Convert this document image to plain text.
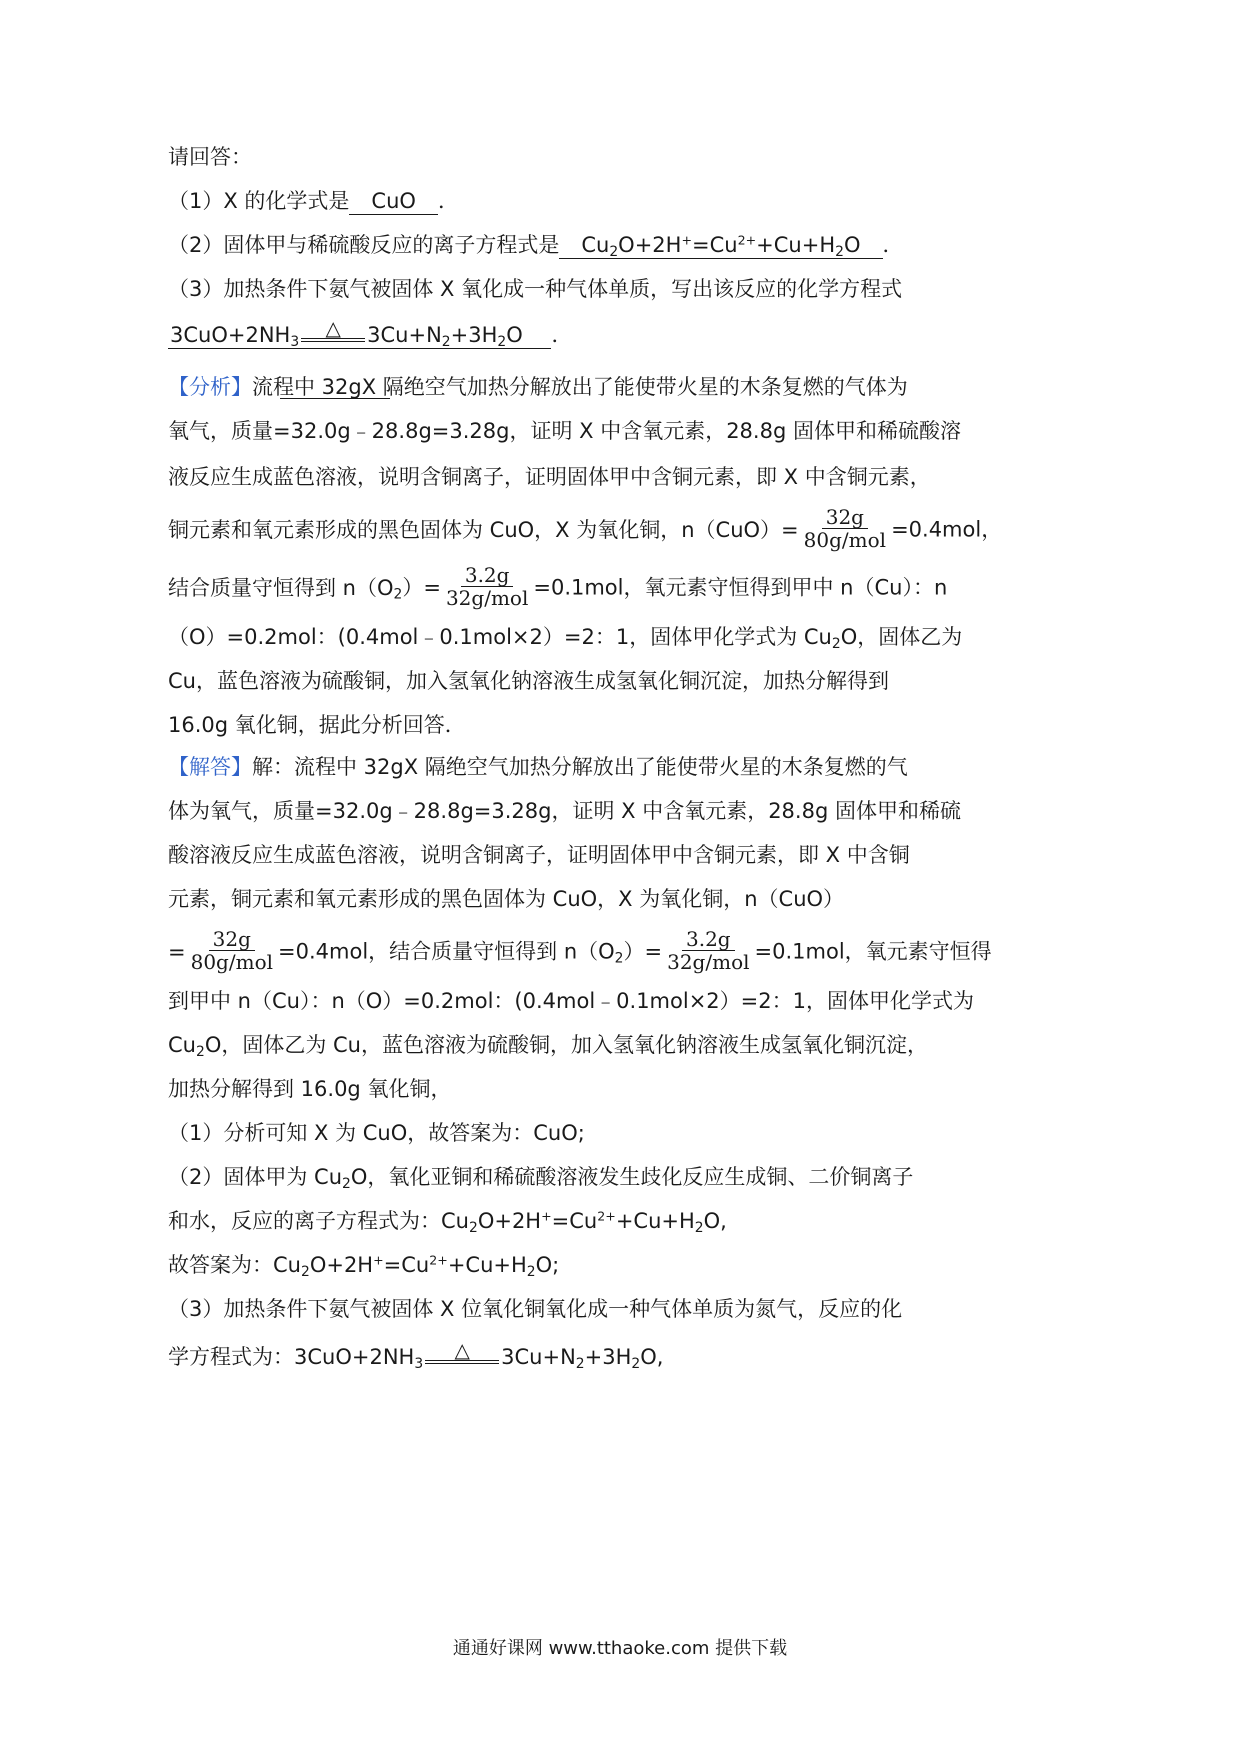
请回答：
（1）X 的化学式是 CuO ．
（2）固体甲与稀硫酸反应的离子方程式是 $Cu_2O+2H^+=Cu^{2+}+Cu+H_2O$ ．
（3）加热条件下氨气被固体 X 氧化成一种气体单质，写出该反应的化学方程式
$3CuO+2NH_3$
△ $3Cu+N_2+3H_2O$    ．
【分析】流程中 32gX 隔绝空气加热分解放出了能使带火星的木条复燃的气体为
氧气，质量=32.0g﹣28.8g=3.28g，证明 X 中含氧元素，28.8g 固体甲和稀硫酸溶
液反应生成蓝色溶液，说明含铜离子，证明固体甲中含铜元素，即 X 中含铜元素，
铜元素和氧元素形成的黑色固体为 CuO，X 为氧化铜，$n(CuO)= \frac{32g}{\text{80g/mol}} =0.4mol$，
结合质量守恒得到 $n(O_2)= \frac{3.2g}{\text{32g/mol}} =0.1mol$，氧元素守恒得到甲中 n（Cu）：n
（O）=0.2mol：(0.4mol﹣0.1mol×2）=2：1，固体甲化学式为 $Cu_2O$，固体乙为
Cu，蓝色溶液为硫酸铜，加入氢氧化钠溶液生成氢氧化铜沉淀，加热分解得到
16.0g 氧化铜，据此分析回答．
【解答】解：流程中 32gX 隔绝空气加热分解放出了能使带火星的木条复燃的气
体为氧气，质量=32.0g﹣28.8g=3.28g，证明 X 中含氧元素，28.8g 固体甲和稀硫
酸溶液反应生成蓝色溶液，说明含铜离子，证明固体甲中含铜元素，即 X 中含铜
元素，铜元素和氧元素形成的黑色固体为 CuO，X 为氧化铜，n（CuO）
= $\frac{32g}{\text{80g/mol}} =0.4mol$，结合质量守恒得到 $n(O_2)= \frac{3.2g}{\text{32g/mol}} =0.1mol$，氧元素守恒得
到甲中 n（Cu）：n（O）=0.2mol：(0.4mol﹣0.1mol×2）=2：1，固体甲化学式为
$Cu_2O$，固体乙为 Cu，蓝色溶液为硫酸铜，加入氢氧化钠溶液生成氢氧化铜沉淀，
加热分解得到 16.0g 氧化铜，
（1）分析可知 X 为 CuO，故答案为：CuO;
（2）固体甲为 $Cu_2O$，氧化亚铜和稀硫酸溶液发生歧化反应生成铜、二价铜离子
和水，反应的离子方程式为：$Cu_2O+2H^+=Cu^{2+}+Cu+H_2O$,
故答案为：$Cu_2O+2H^+=Cu^{2+}+Cu+H_2O$;
（3）加热条件下氨气被固体 X 位氧化铜氧化成一种气体单质为氮气，反应的化
学方程式为：$3CuO+2NH_3$
△ $3Cu+N_2+3H_2O$,
通通好课网 www.tthaoke.com 提供下载
